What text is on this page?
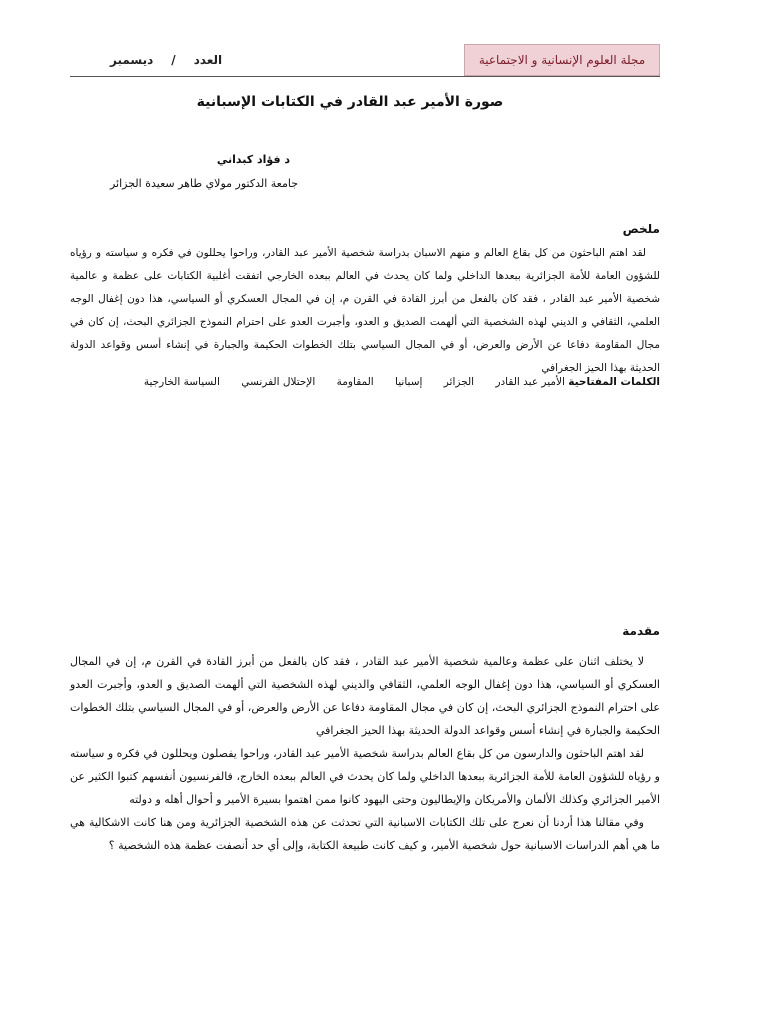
مجلة العلوم الإنسانية و الاجتماعية
العدد
/
ديسمبر
صورة الأمير عبد القادر في الكتابات الإسبانية
د فؤاد كبداني
جامعة الدكتور مولاي طاهر سعيدة الجزائر
ملخص

لقد اهتم الباحثون من كل بقاع العالم و منهم الاسبان بدراسة شخصية الأمير عبد القادر، وراحوا يحللون في فكره و سياسته و رؤياه للشؤون العامة للأمة الجزائرية ببعدها الداخلي ولما كان يحدث في العالم ببعده الخارجي اتفقت أغلبية الكتابات على عظمة و عالمية شخصية الأمير عبد القادر ، فقد كان بالفعل من أبرز القادة في القرن م، إن في المجال العسكري أو السياسي، هذا دون إغفال الوجه العلمي، الثقافي و الديني لهذه الشخصية التي ألهمت الصديق و العدو، وأجبرت العدو على احترام النموذج الجزائري البحث، إن كان في مجال المقاومة دفاعا عن الأرض والعرض، أو في المجال السياسي بتلك الخطوات الحكيمة والجبارة في إنشاء أسس وقواعد الدولة الحديثة بهذا الحيز الجغرافي

الكلمات المفتاحية الأمير عبد القادر الجزائر إسبانيا المقاومة الإحتلال الفرنسي السياسة الخارجية
مقدمة

لا يختلف اثنان على عظمة وعالمية شخصية الأمير عبد القادر ، فقد كان بالفعل من أبرز القادة في القرن م، إن في المجال العسكري أو السياسي، هذا دون إغفال الوجه العلمي، الثقافي والديني لهذه الشخصية التي ألهمت الصديق و العدو، وأجبرت العدو على احترام النموذج الجزائري البحث، إن كان في مجال المقاومة دفاعا عن الأرض والعرض، أو في المجال السياسي بتلك الخطوات الحكيمة والجبارة في إنشاء أسس وقواعد الدولة الحديثة بهذا الحيز الجغرافي

لقد اهتم الباحثون والدارسون من كل بقاع العالم بدراسة شخصية الأمير عبد القادر، وراحوا يفصلون ويحللون في فكره و سياسته و رؤياه للشؤون العامة للأمة الجزائرية ببعدها الداخلي ولما كان يحدث في العالم ببعده الخارج، فالفرنسيون أنفسهم كتبوا الكثير عن الأمير الجزائري وكذلك الألمان والأمريكان والإيطاليون وحتى اليهود كانوا ممن اهتموا بسيرة الأمير و أحوال أهله و دولته

وفي مقالنا هذا أردنا أن نعرج على تلك الكتابات الاسبانية التي تحدثت عن هذه الشخصية الجزائرية ومن هنا كانت الاشكالية هي ما هي أهم الدراسات الاسبانية حول شخصية الأمير، و كيف كانت طبيعة الكتابة، وإلى أي حد أنصفت عظمة هذه الشخصية ؟
